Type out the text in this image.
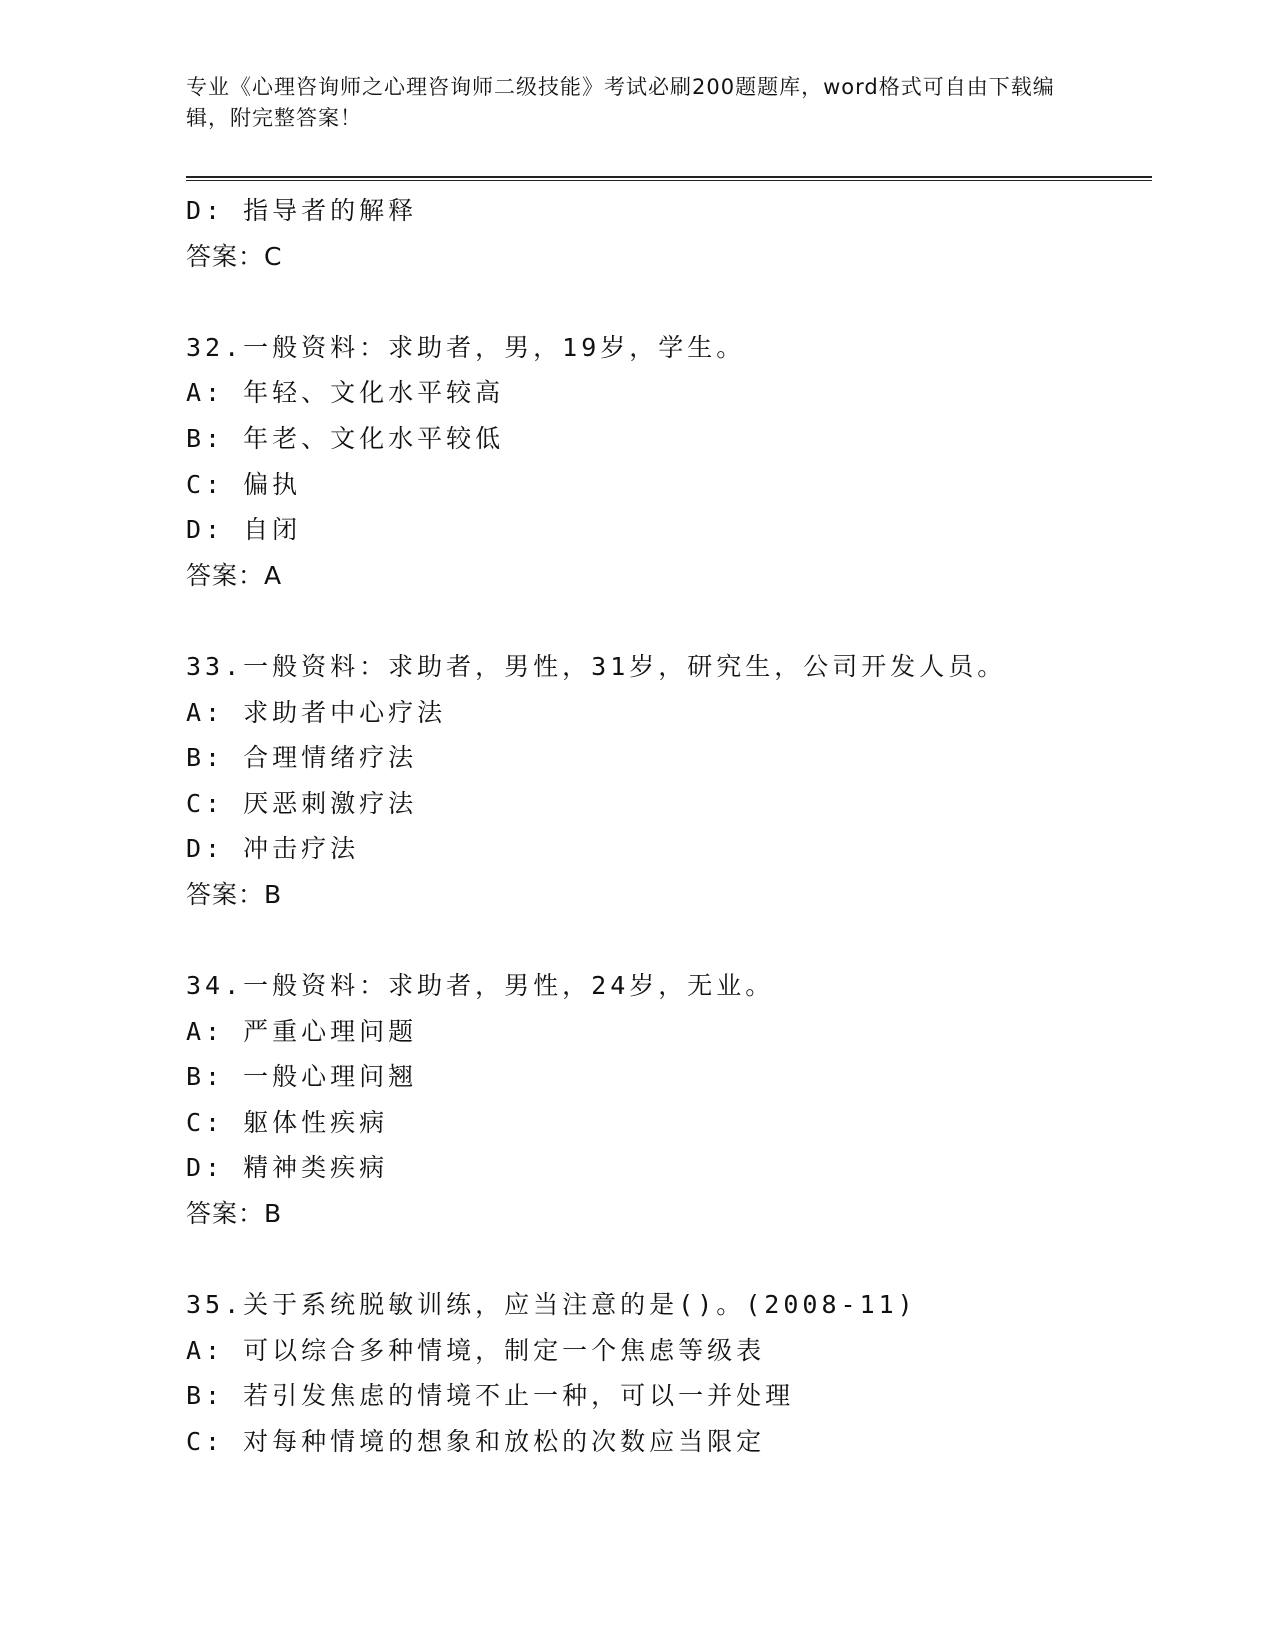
专业《心理咨询师之心理咨询师二级技能》考试必刷200题题库，word格式可自由下载编辑，附完整答案！
D: 指导者的解释
答案：C
32.一般资料：求助者，男，19岁，学生。
A: 年轻、文化水平较高
B: 年老、文化水平较低
C: 偏执
D: 自闭
答案：A
33.一般资料：求助者，男性，31岁，研究生，公司开发人员。
A: 求助者中心疗法
B: 合理情绪疗法
C: 厌恶刺激疗法
D: 冲击疗法
答案：B
34.一般资料：求助者，男性，24岁，无业。
A: 严重心理问题
B: 一般心理问翘
C: 躯体性疾病
D: 精神类疾病
答案：B
35.关于系统脱敏训练，应当注意的是()。(2008-11)
A: 可以综合多种情境，制定一个焦虑等级表
B: 若引发焦虑的情境不止一种，可以一并处理
C: 对每种情境的想象和放松的次数应当限定
